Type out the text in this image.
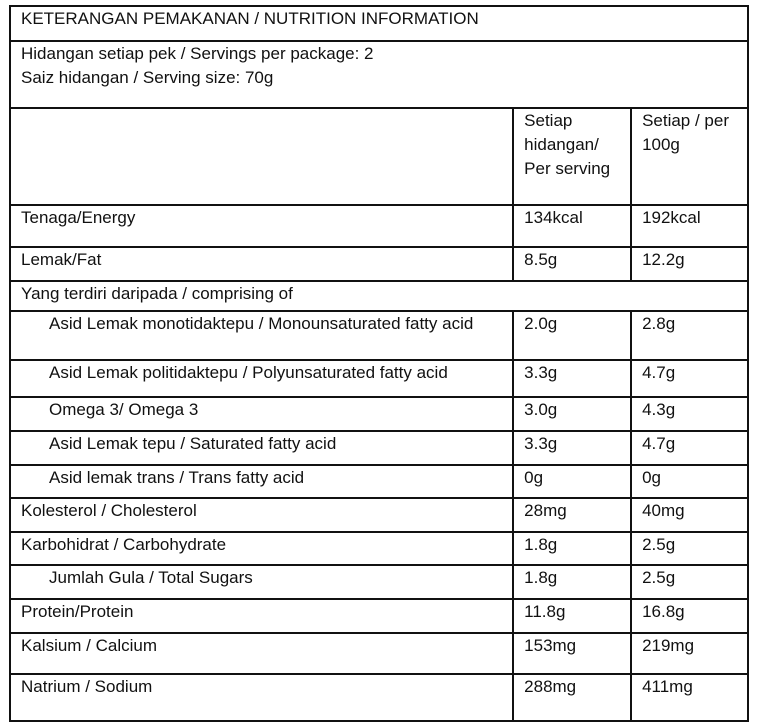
KETERANGAN PEMAKANAN / NUTRITION INFORMATION		

Hidangan setiap pek / Servings per package: 2
Saiz hidangan / Serving size: 70g		

	Setiap hidangan/ Per serving	Setiap / per 100g
Tenaga/Energy	134kcal	192kcal
Lemak/Fat	8.5g	12.2g
Yang terdiri daripada / comprising of		
Asid Lemak monotidaktepu / Monounsaturated fatty acid	2.0g	2.8g
Asid Lemak politidaktepu / Polyunsaturated fatty acid	3.3g	4.7g
Omega 3/ Omega 3	3.0g	4.3g
Asid Lemak tepu / Saturated fatty acid	3.3g	4.7g
Asid lemak trans / Trans fatty acid	0g	0g
Kolesterol / Cholesterol	28mg	40mg
Karbohidrat / Carbohydrate	1.8g	2.5g
Jumlah Gula / Total Sugars	1.8g	2.5g
Protein/Protein	11.8g	16.8g
Kalsium / Calcium	153mg	219mg
Natrium / Sodium	288mg	411mg
